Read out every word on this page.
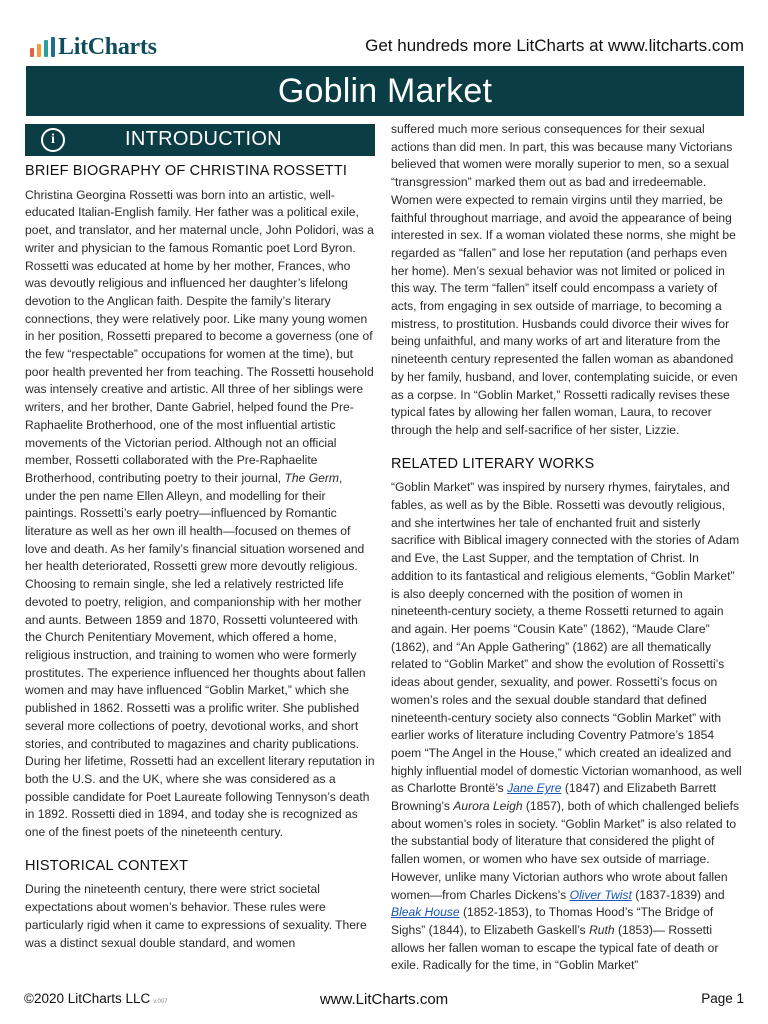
LitCharts	Get hundreds more LitCharts at www.litcharts.com
Goblin Market
i	INTRODUCTION
BRIEF BIOGRAPHY OF CHRISTINA ROSSETTI

Christina Georgina Rossetti was born into an artistic, well-educated Italian-English family. Her father was a political exile, poet, and translator, and her maternal uncle, John Polidori, was a writer and physician to the famous Romantic poet Lord Byron. Rossetti was educated at home by her mother, Frances, who was devoutly religious and influenced her daughter’s lifelong devotion to the Anglican faith. Despite the family’s literary connections, they were relatively poor. Like many young women in her position, Rossetti prepared to become a governess (one of the few “respectable” occupations for women at the time), but poor health prevented her from teaching. The Rossetti household was intensely creative and artistic. All three of her siblings were writers, and her brother, Dante Gabriel, helped found the Pre-Raphaelite Brotherhood, one of the most influential artistic movements of the Victorian period. Although not an official member, Rossetti collaborated with the Pre-Raphaelite Brotherhood, contributing poetry to their journal, The Germ, under the pen name Ellen Alleyn, and modelling for their paintings. Rossetti’s early poetry—influenced by Romantic literature as well as her own ill health—focused on themes of love and death. As her family’s financial situation worsened and her health deteriorated, Rossetti grew more devoutly religious. Choosing to remain single, she led a relatively restricted life devoted to poetry, religion, and companionship with her mother and aunts. Between 1859 and 1870, Rossetti volunteered with the Church Penitentiary Movement, which offered a home, religious instruction, and training to women who were formerly prostitutes. The experience influenced her thoughts about fallen women and may have influenced “Goblin Market,” which she published in 1862. Rossetti was a prolific writer. She published several more collections of poetry, devotional works, and short stories, and contributed to magazines and charity publications. During her lifetime, Rossetti had an excellent literary reputation in both the U.S. and the UK, where she was considered as a possible candidate for Poet Laureate following Tennyson’s death in 1892. Rossetti died in 1894, and today she is recognized as one of the finest poets of the nineteenth century.

HISTORICAL CONTEXT

During the nineteenth century, there were strict societal expectations about women’s behavior. These rules were particularly rigid when it came to expressions of sexuality. There was a distinct sexual double standard, and women

suffered much more serious consequences for their sexual actions than did men. In part, this was because many Victorians believed that women were morally superior to men, so a sexual “transgression” marked them out as bad and irredeemable. Women were expected to remain virgins until they married, be faithful throughout marriage, and avoid the appearance of being interested in sex. If a woman violated these norms, she might be regarded as “fallen” and lose her reputation (and perhaps even her home). Men’s sexual behavior was not limited or policed in this way. The term “fallen” itself could encompass a variety of acts, from engaging in sex outside of marriage, to becoming a mistress, to prostitution. Husbands could divorce their wives for being unfaithful, and many works of art and literature from the nineteenth century represented the fallen woman as abandoned by her family, husband, and lover, contemplating suicide, or even as a corpse. In “Goblin Market,” Rossetti radically revises these typical fates by allowing her fallen woman, Laura, to recover through the help and self-sacrifice of her sister, Lizzie.

RELATED LITERARY WORKS

“Goblin Market” was inspired by nursery rhymes, fairytales, and fables, as well as by the Bible. Rossetti was devoutly religious, and she intertwines her tale of enchanted fruit and sisterly sacrifice with Biblical imagery connected with the stories of Adam and Eve, the Last Supper, and the temptation of Christ. In addition to its fantastical and religious elements, “Goblin Market” is also deeply concerned with the position of women in nineteenth-century society, a theme Rossetti returned to again and again. Her poems “Cousin Kate” (1862), “Maude Clare” (1862), and “An Apple Gathering” (1862) are all thematically related to “Goblin Market” and show the evolution of Rossetti’s ideas about gender, sexuality, and power. Rossetti’s focus on women’s roles and the sexual double standard that defined nineteenth-century society also connects “Goblin Market” with earlier works of literature including Coventry Patmore’s 1854 poem “The Angel in the House,” which created an idealized and highly influential model of domestic Victorian womanhood, as well as Charlotte Brontë’s Jane Eyre (1847) and Elizabeth Barrett Browning’s Aurora Leigh (1857), both of which challenged beliefs about women’s roles in society. “Goblin Market” is also related to the substantial body of literature that considered the plight of fallen women, or women who have sex outside of marriage. However, unlike many Victorian authors who wrote about fallen women—from Charles Dickens’s Oliver Twist (1837-1839) and Bleak House (1852-1853), to Thomas Hood’s “The Bridge of Sighs” (1844), to Elizabeth Gaskell’s Ruth (1853)— Rossetti allows her fallen woman to escape the typical fate of death or exile. Radically for the time, in “Goblin Market”

©2020 LitCharts LLC v.007	www.LitCharts.com	Page 1
